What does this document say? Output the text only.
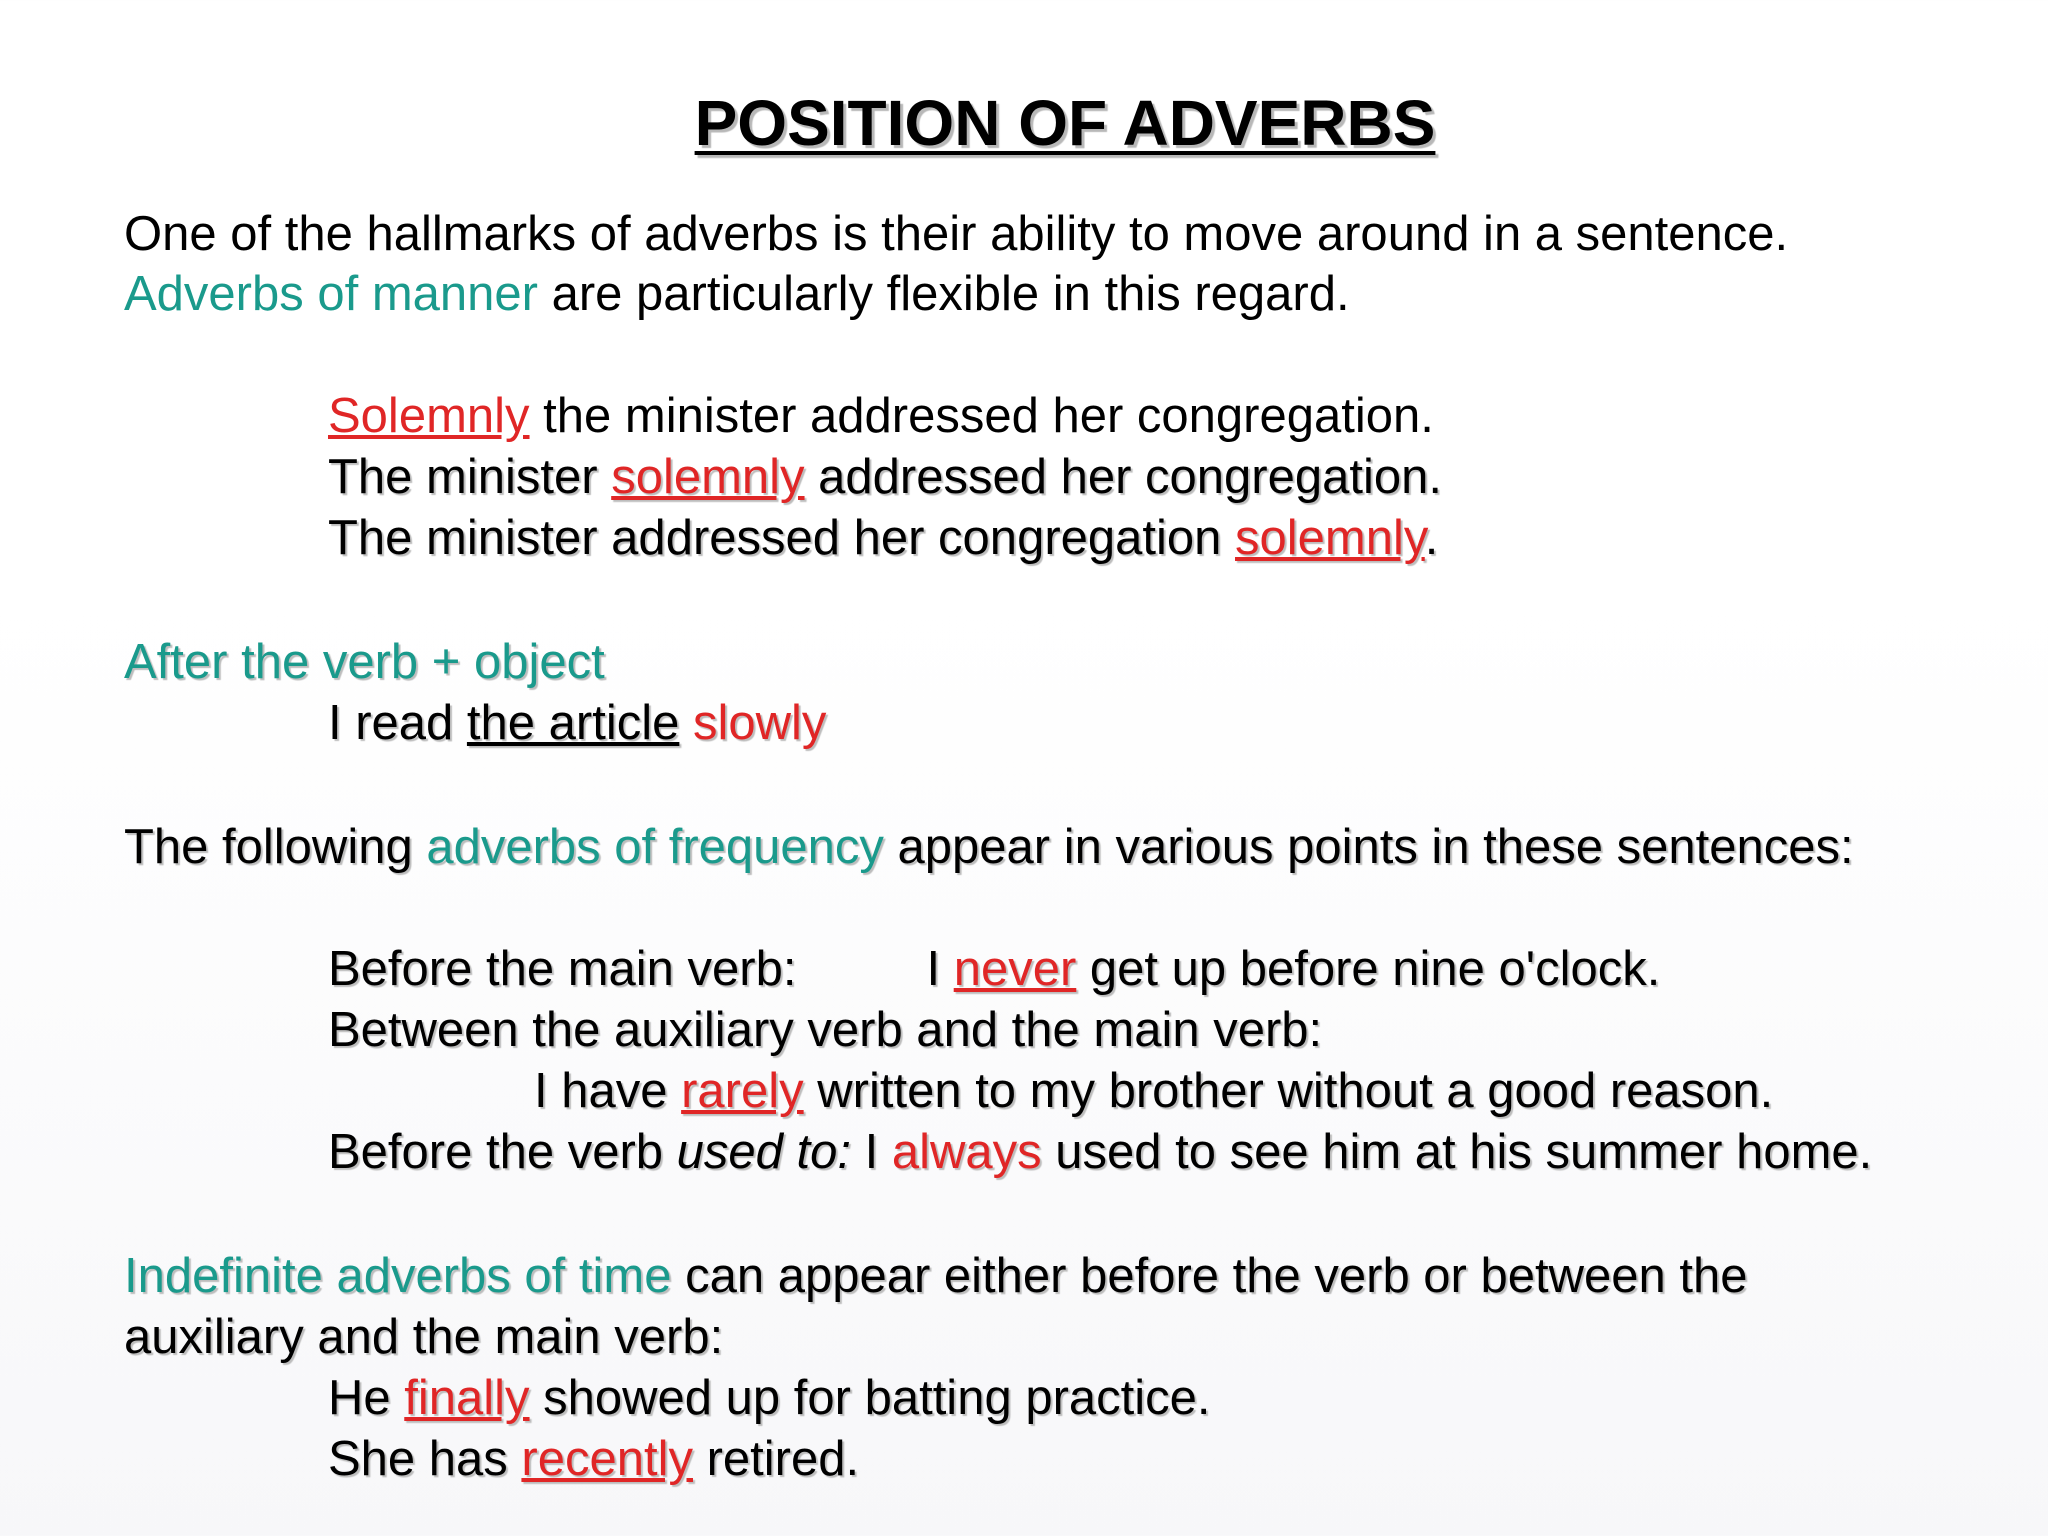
POSITION OF ADVERBS
One of the hallmarks of adverbs is their ability to move around in a sentence.
Adverbs of manner are particularly flexible in this regard.
Solemnly the minister addressed her congregation.
The minister solemnly addressed her congregation.
The minister addressed her congregation solemnly.
After the verb + object
I read the article slowly
The following adverbs of frequency appear in various points in these sentences:
Before the main verb:	I never get up before nine o'clock.
Between the auxiliary verb and the main verb:
I have rarely written to my brother without a good reason.
Before the verb used to: I always used to see him at his summer home.
Indefinite adverbs of time can appear either before the verb or between the
auxiliary and the main verb:
He finally showed up for batting practice.
She has recently retired.
